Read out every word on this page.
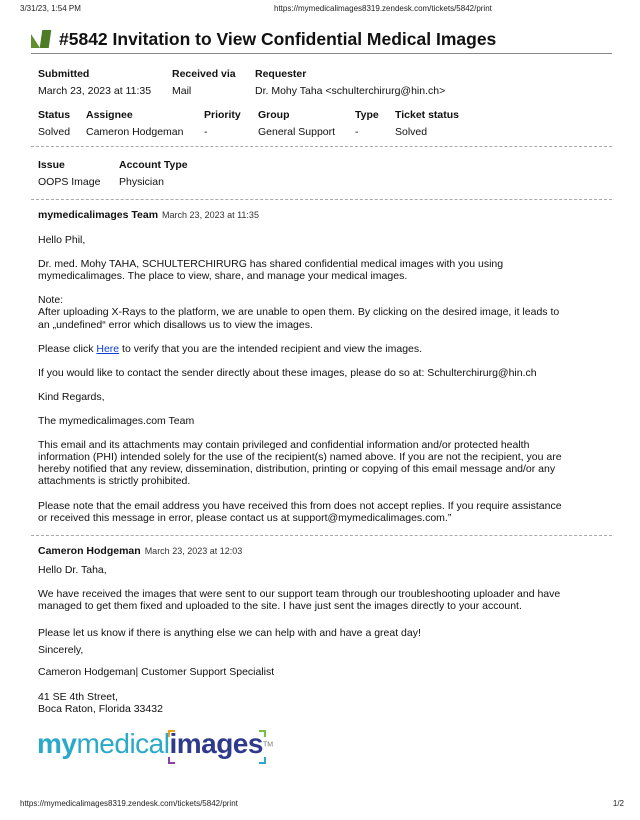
3/31/23, 1:54 PM	https://mymedicalimages8319.zendesk.com/tickets/5842/print
#5842 Invitation to View Confidential Medical Images
Submitted
March 23, 2023 at 11:35
Received via
Mail
Requester
Dr. Mohy Taha <schulterchirurg@hin.ch>
Status
Solved
Assignee
Cameron Hodgeman
Priority
-
Group
General Support
Type
-
Ticket status
Solved
Issue
OOPS Image
Account Type
Physician

mymedicalimages Team March 23, 2023 at 11:35

Hello Phil,

Dr. med. Mohy TAHA, SCHULTERCHIRURG has shared confidential medical images with you using

mymedicalimages. The place to view, share, and manage your medical images.

Note:

After uploading X-Rays to the platform, we are unable to open them. By clicking on the desired image, it leads to

an „undefined“ error which disallows us to view the images.

Please click Here to verify that you are the intended recipient and view the images.

If you would like to contact the sender directly about these images, please do so at: Schulterchirurg@hin.ch

Kind Regards,

The mymedicalimages.com Team

This email and its attachments may contain privileged and confidential information and/or protected health

information (PHI) intended solely for the use of the recipient(s) named above. If you are not the recipient, you are

hereby notified that any review, dissemination, distribution, printing or copying of this email message and/or any

attachments is strictly prohibited.

Please note that the email address you have received this from does not accept replies. If you require assistance

or received this message in error, please contact us at support@mymedicalimages.com.”

Cameron Hodgeman March 23, 2023 at 12:03

Hello Dr. Taha,

We have received the images that were sent to our support team through our troubleshooting uploader and have

managed to get them fixed and uploaded to the site. I have just sent the images directly to your account.

Please let us know if there is anything else we can help with and have a great day!

Sincerely,

Cameron Hodgeman| Customer Support Specialist

41 SE 4th Street,

Boca Raton, Florida 33432

mymedicalimages™
https://mymedicalimages8319.zendesk.com/tickets/5842/print	1/2
